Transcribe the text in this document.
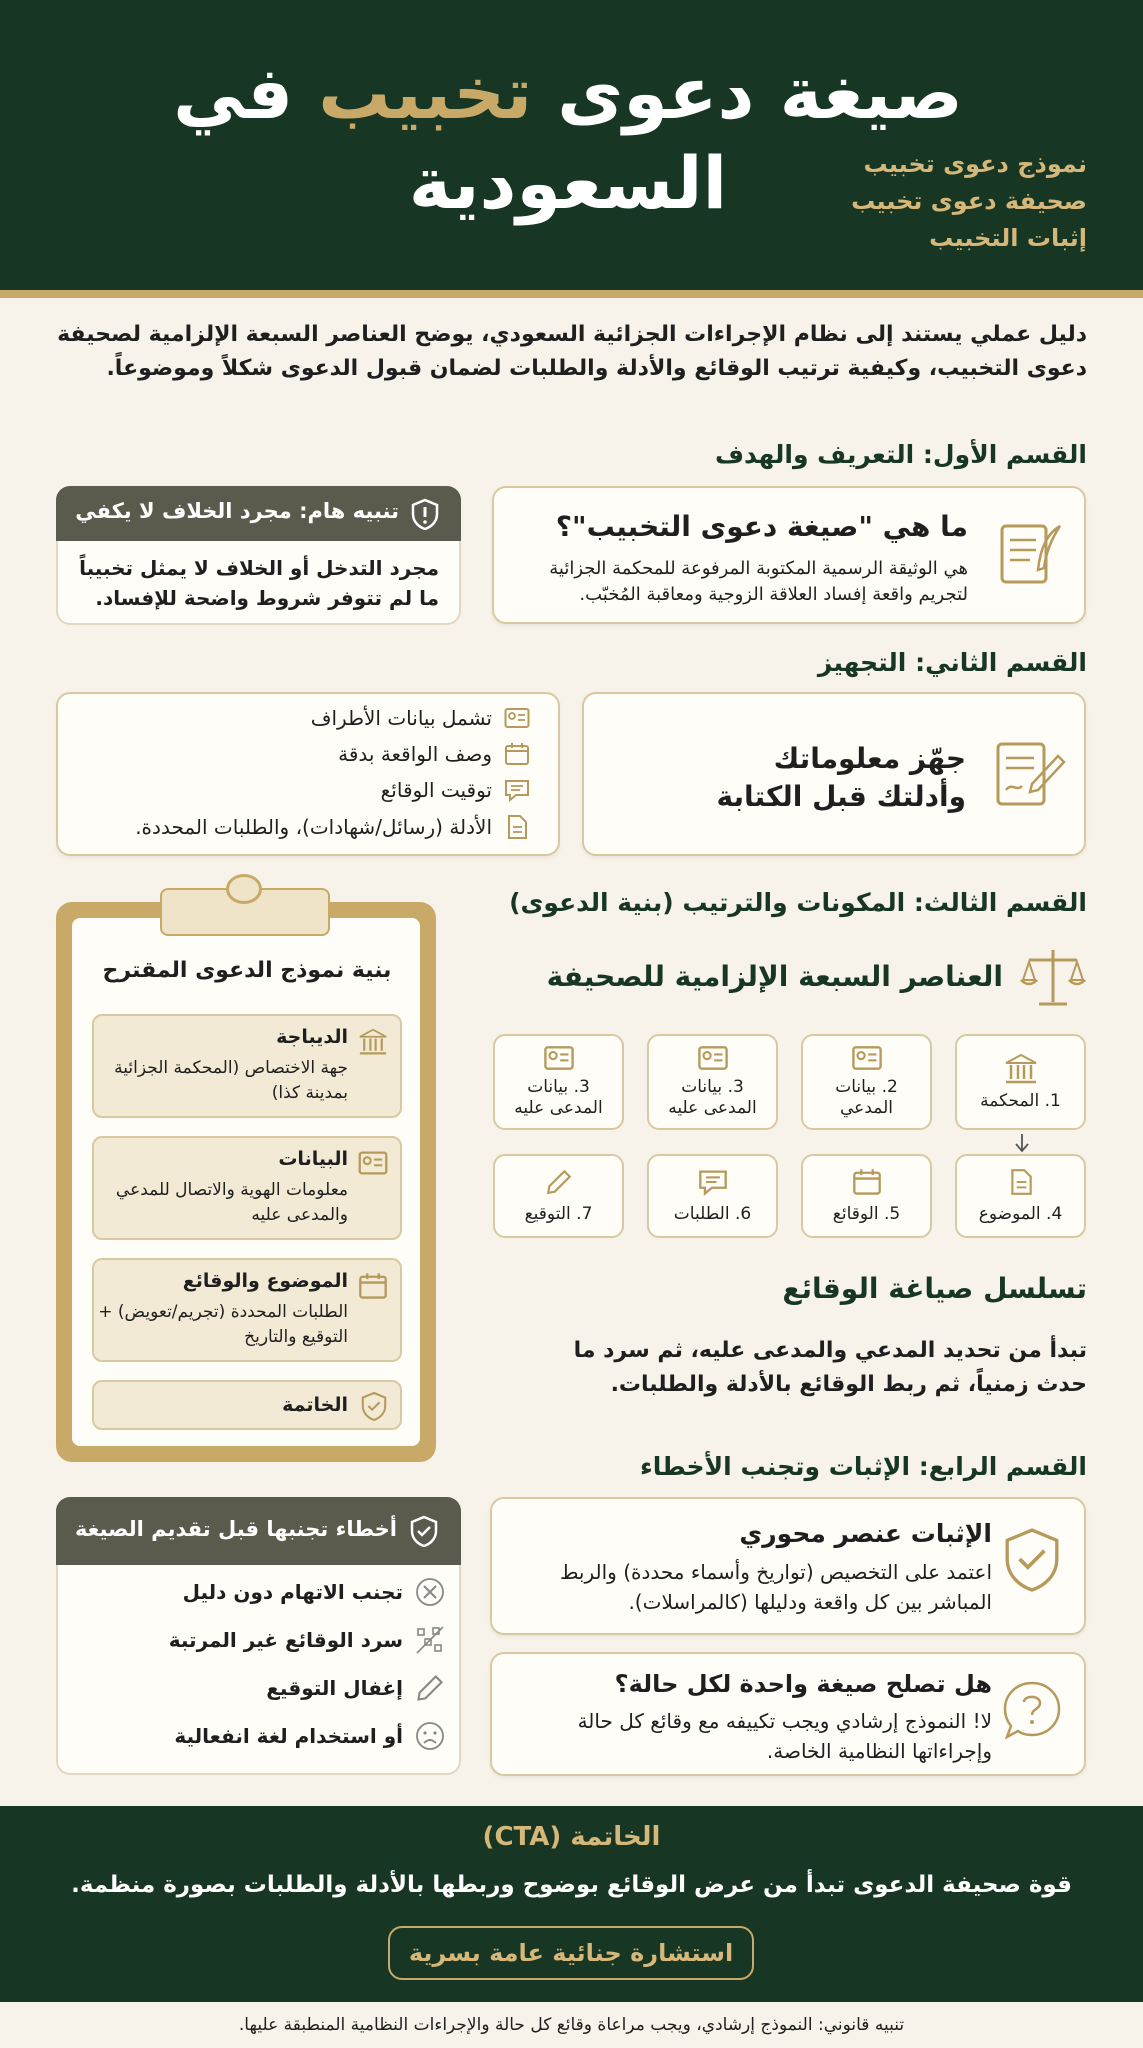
صيغة دعوى تخبيب في السعودية	نموذج دعوى تخبيب
صحيفة دعوى تخبيب
إثبات التخبيب
دليل عملي يستند إلى نظام الإجراءات الجزائية السعودي، يوضح العناصر السبعة الإلزامية لصحيفة دعوى التخبيب، وكيفية ترتيب الوقائع والأدلة والطلبات لضمان قبول الدعوى شكلاً وموضوعاً.
القسم الأول: التعريف والهدف
ما هي "صيغة دعوى التخبيب"؟
هي الوثيقة الرسمية المكتوبة المرفوعة للمحكمة الجزائية لتجريم واقعة إفساد العلاقة الزوجية ومعاقبة المُخبّب.
تنبيه هام: مجرد الخلاف لا يكفي
مجرد التدخل أو الخلاف لا يمثل تخبيباً ما لم تتوفر شروط واضحة للإفساد.
القسم الثاني: التجهيز
جهّز معلوماتك وأدلتك قبل الكتابة
تشمل بيانات الأطراف
وصف الواقعة بدقة
توقيت الوقائع
الأدلة (رسائل/شهادات)، والطلبات المحددة.
القسم الثالث: المكونات والترتيب (بنية الدعوى)
العناصر السبعة الإلزامية للصحيفة
1. المحكمة
2. بيانات المدعي
3. بيانات المدعى عليه
3. بيانات المدعى عليه
4. الموضوع
5. الوقائع
6. الطلبات
7. التوقيع
تسلسل صياغة الوقائع
تبدأ من تحديد المدعي والمدعى عليه، ثم سرد ما حدث زمنياً، ثم ربط الوقائع بالأدلة والطلبات.
بنية نموذج الدعوى المقترح
الديباجة
جهة الاختصاص (المحكمة الجزائية بمدينة كذا)
البيانات
معلومات الهوية والاتصال للمدعي والمدعى عليه
الموضوع والوقائع
الطلبات المحددة (تجريم/تعويض) + التوقيع والتاريخ
الخاتمة
القسم الرابع: الإثبات وتجنب الأخطاء
الإثبات عنصر محوري
اعتمد على التخصيص (تواريخ وأسماء محددة) والربط المباشر بين كل واقعة ودليلها (كالمراسلات).
هل تصلح صيغة واحدة لكل حالة؟
لا! النموذج إرشادي ويجب تكييفه مع وقائع كل حالة وإجراءاتها النظامية الخاصة.
أخطاء تجنبها قبل تقديم الصيغة
تجنب الاتهام دون دليل
سرد الوقائع غير المرتبة
إغفال التوقيع
أو استخدام لغة انفعالية
الخاتمة (CTA)
قوة صحيفة الدعوى تبدأ من عرض الوقائع بوضوح وربطها بالأدلة والطلبات بصورة منظمة.
استشارة جنائية عامة بسرية
تنبيه قانوني: النموذج إرشادي، ويجب مراعاة وقائع كل حالة والإجراءات النظامية المنطبقة عليها.
